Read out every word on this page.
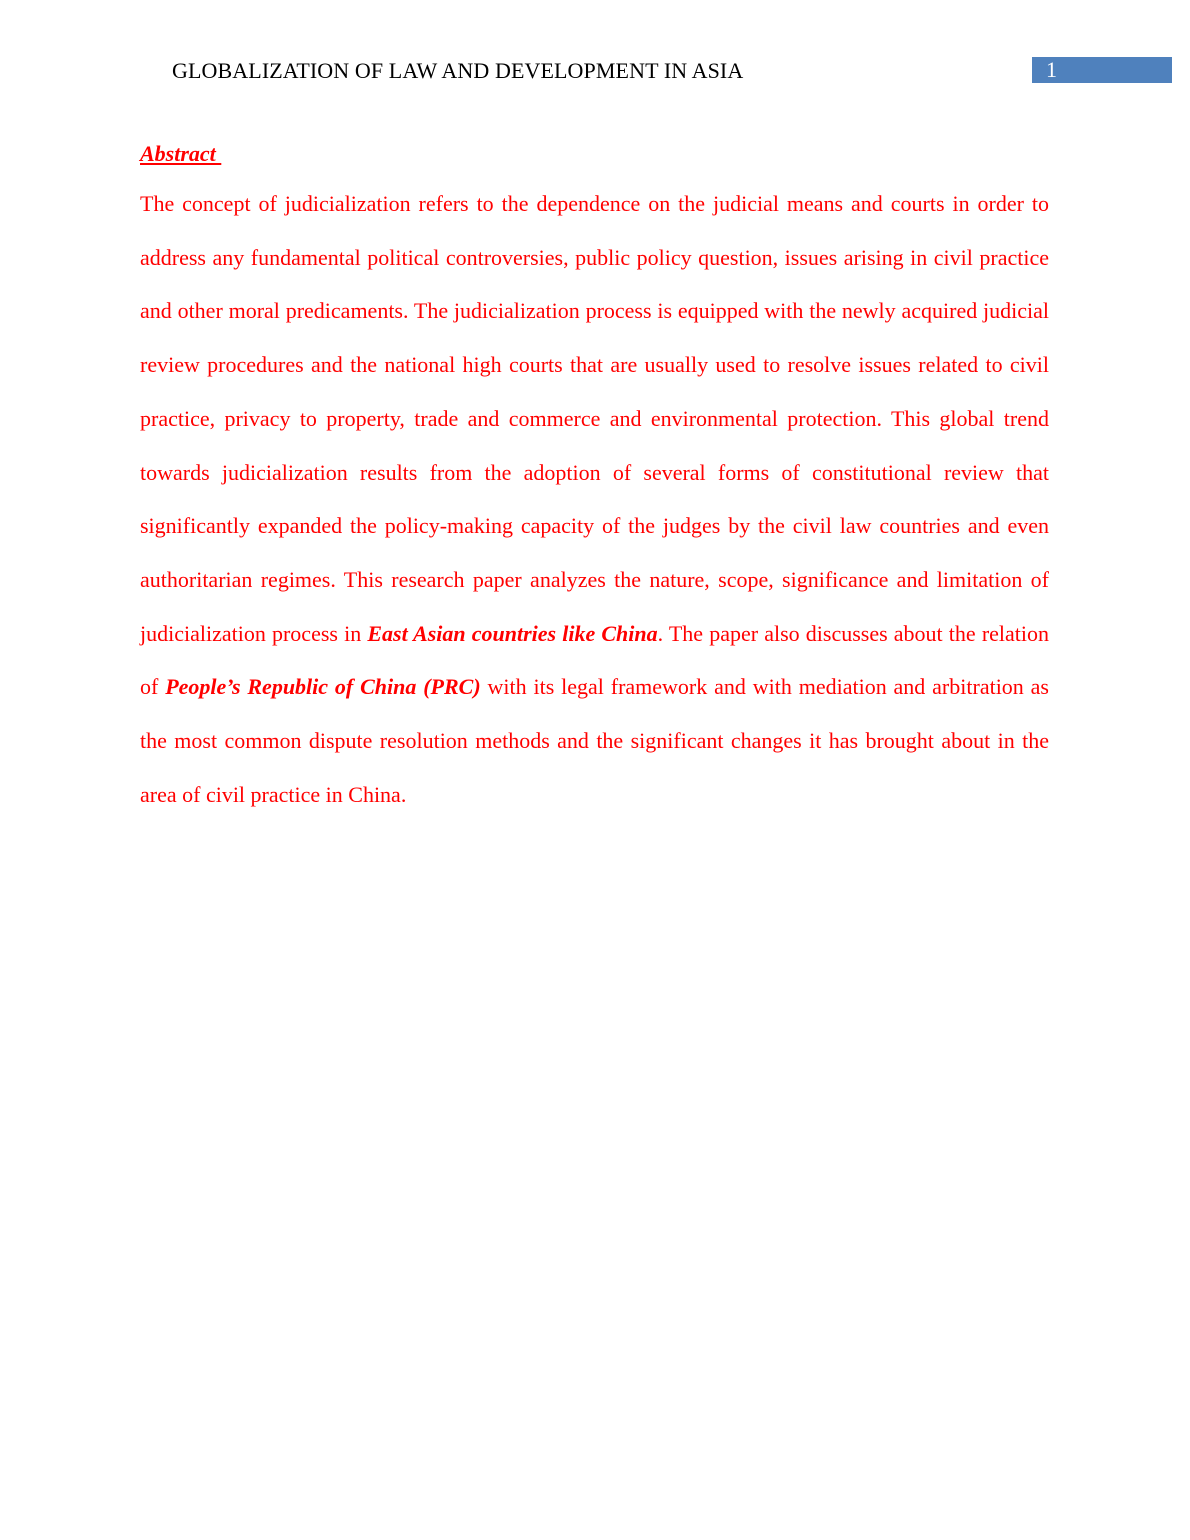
GLOBALIZATION OF LAW AND DEVELOPMENT IN ASIA	1
Abstract

The concept of judicialization refers to the dependence on the judicial means and courts in order to address any fundamental political controversies, public policy question, issues arising in civil practice and other moral predicaments. The judicialization process is equipped with the newly acquired judicial review procedures and the national high courts that are usually used to resolve issues related to civil practice, privacy to property, trade and commerce and environmental protection. This global trend towards judicialization results from the adoption of several forms of constitutional review that significantly expanded the policy-making capacity of the judges by the civil law countries and even authoritarian regimes. This research paper analyzes the nature, scope, significance and limitation of judicialization process in East Asian countries like China. The paper also discusses about the relation of People’s Republic of China (PRC) with its legal framework and with mediation and arbitration as the most common dispute resolution methods and the significant changes it has brought about in the area of civil practice in China.
